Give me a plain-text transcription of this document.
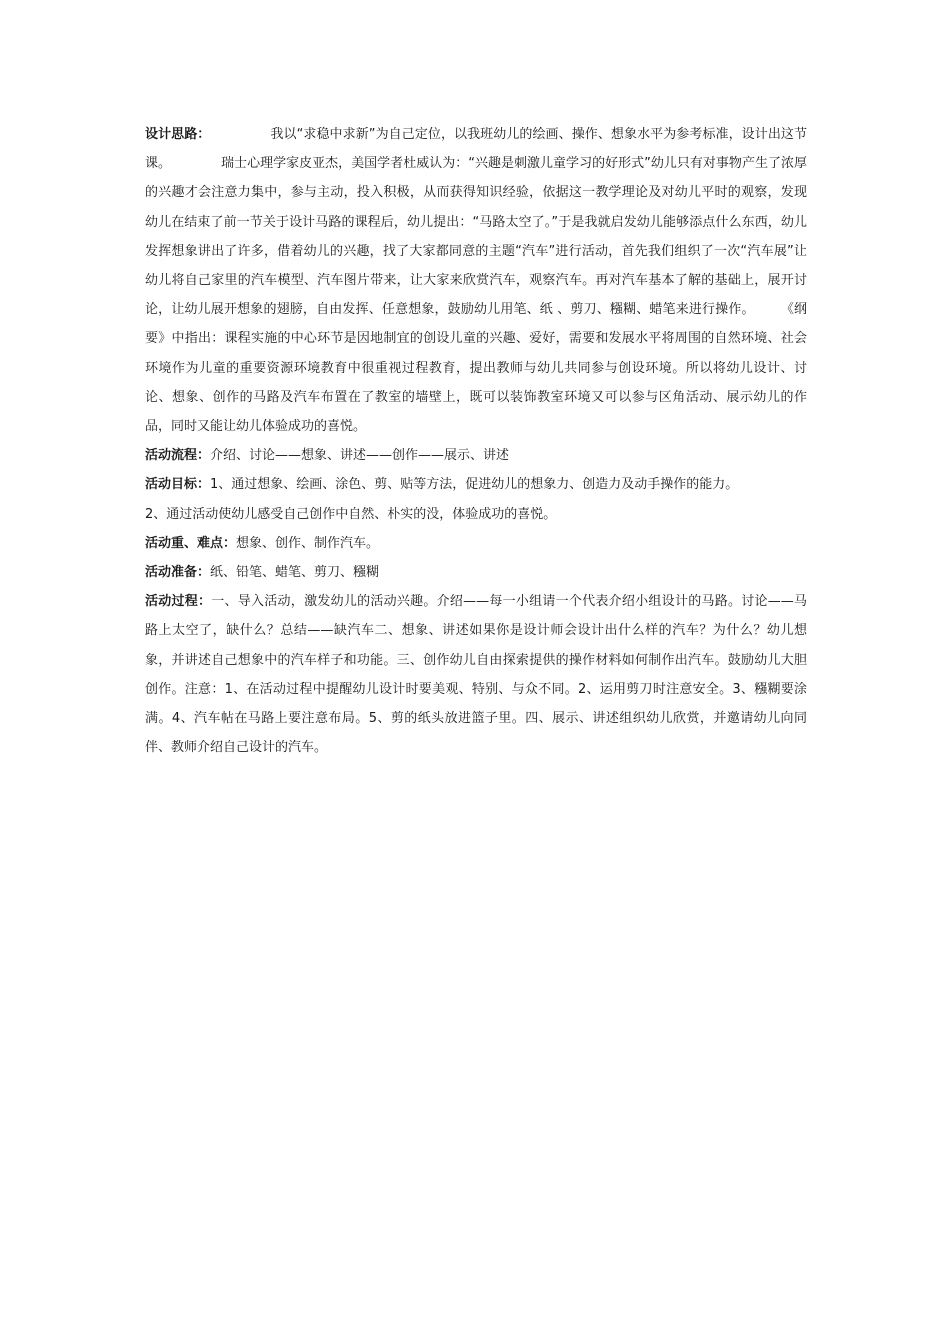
设计思路：	我以“求稳中求新”为自己定位，以我班幼儿的绘画、操作、想象水平为参考标准，设计出这节课。	瑞士心理学家皮亚杰，美国学者杜威认为：“兴趣是刺激儿童学习的好形式”幼儿只有对事物产生了浓厚的兴趣才会注意力集中，参与主动，投入积极，从而获得知识经验，依据这一教学理论及对幼儿平时的观察，发现幼儿在结束了前一节关于设计马路的课程后，幼儿提出：“马路太空了。”于是我就启发幼儿能够添点什么东西，幼儿发挥想象讲出了许多，借着幼儿的兴趣，找了大家都同意的主题“汽车”进行活动，首先我们组织了一次“汽车展”让幼儿将自己家里的汽车模型、汽车图片带来，让大家来欣赏汽车，观察汽车。再对汽车基本了解的基础上，展开讨论，让幼儿展开想象的翅膀，自由发挥、任意想象，鼓励幼儿用笔、纸 、剪刀、糨糊、蜡笔来进行操作。 《纲要》中指出：课程实施的中心环节是因地制宜的创设儿童的兴趣、爱好，需要和发展水平将周围的自然环境、社会环境作为儿童的重要资源环境教育中很重视过程教育，提出教师与幼儿共同参与创设环境。所以将幼儿设计、讨论、想象、创作的马路及汽车布置在了教室的墙壁上，既可以装饰教室环境又可以参与区角活动、展示幼儿的作品，同时又能让幼儿体验成功的喜悦。

活动流程：介绍、讨论——想象、讲述——创作——展示、讲述

活动目标：1、通过想象、绘画、涂色、剪、贴等方法，促进幼儿的想象力、创造力及动手操作的能力。

2、通过活动使幼儿感受自己创作中自然、朴实的没，体验成功的喜悦。

活动重、难点：想象、创作、制作汽车。

活动准备：纸、铅笔、蜡笔、剪刀、糨糊

活动过程：一、导入活动，激发幼儿的活动兴趣。介绍——每一小组请一个代表介绍小组设计的马路。讨论——马路上太空了，缺什么？总结——缺汽车二、想象、讲述如果你是设计师会设计出什么样的汽车？为什么？幼儿想象，并讲述自己想象中的汽车样子和功能。三、创作幼儿自由探索提供的操作材料如何制作出汽车。鼓励幼儿大胆创作。注意：1、在活动过程中提醒幼儿设计时要美观、特别、与众不同。2、运用剪刀时注意安全。3、糨糊要涂满。4、汽车帖在马路上要注意布局。5、剪的纸头放进篮子里。四、展示、讲述组织幼儿欣赏，并邀请幼儿向同伴、教师介绍自己设计的汽车。
